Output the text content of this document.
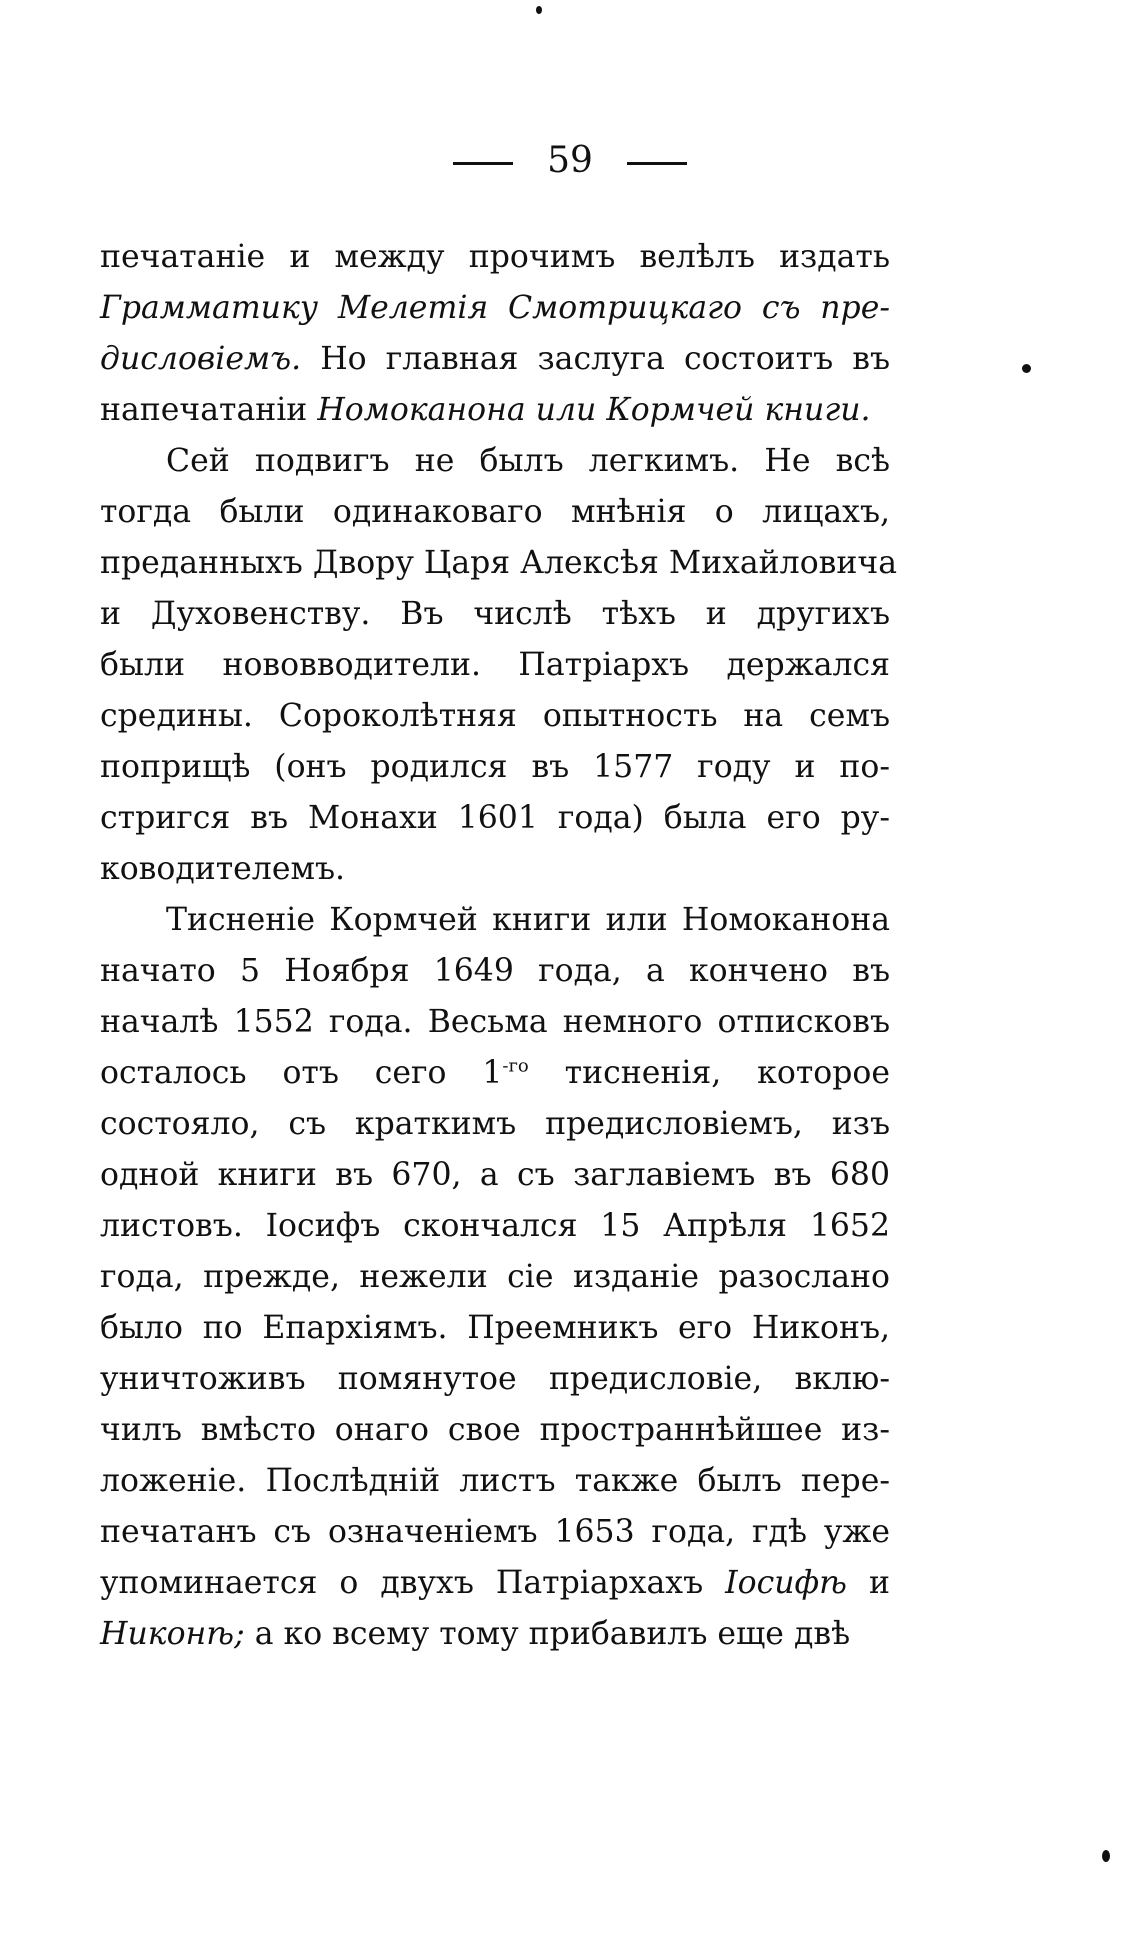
59
печатаніе и между прочимъ велѣлъ издать
Грамматику Мелетія Смотрицкаго съ пре-
дисловіемъ. Но главная заслуга состоитъ въ
напечатаніи Номоканона или Кормчей книги.
Сей подвигъ не былъ легкимъ. Не всѣ
тогда были одинаковаго мнѣнія о лицахъ,
преданныхъ Двору Царя Алексѣя Михайловича
и Духовенству. Въ числѣ тѣхъ и другихъ
были нововводители. Патріархъ держался
средины. Сороколѣтняя опытность на семъ
поприщѣ (онъ родился въ 1577 году и по-
стригся въ Монахи 1601 года) была его ру-
ководителемъ.
Тисненіе Кормчей книги или Номоканона
начато 5 Ноября 1649 года, а кончено въ
началѣ 1552 года. Весьма немного отписковъ
осталось отъ сего $1^{-го}$ тисненія, которое
состояло, съ краткимъ предисловіемъ, изъ
одной книги въ 670, а съ заглавіемъ въ 680
листовъ. Іосифъ скончался 15 Апрѣля 1652
года, прежде, нежели сіе изданіе разослано
было по Епархіямъ. Преемникъ его Никонъ,
уничтоживъ помянутое предисловіе, вклю-
чилъ вмѣсто онаго свое пространнѣйшее из-
ложеніе. Послѣдній листъ также былъ пере-
печатанъ съ означеніемъ 1653 года, гдѣ уже
упоминается о двухъ Патріархахъ Іосифѣ и
Никонѣ; а ко всему тому прибавилъ еще двѣ
